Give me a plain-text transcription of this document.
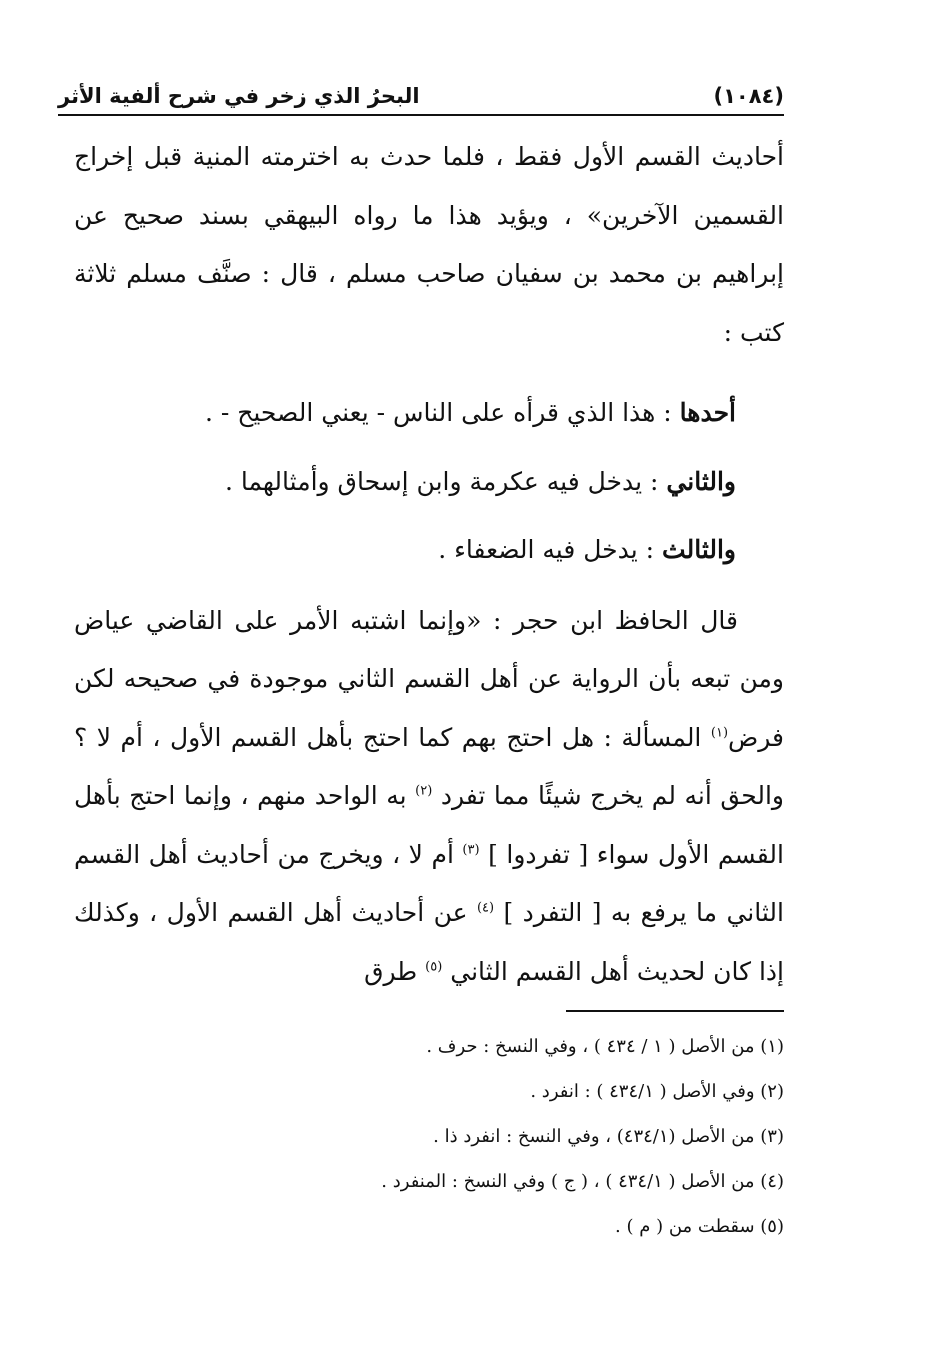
(١٠٨٤)
البحرُ الذي زخر في شرح ألفية الأثر

أحاديث القسم الأول فقط ، فلما حدث به اخترمته المنية قبل إخراج القسمين الآخرين» ، ويؤيد هذا ما رواه البيهقي بسند صحيح عن إبراهيم بن محمد بن سفيان صاحب مسلم ، قال : صنَّف مسلم ثلاثة كتب :

أحدها : هذا الذي قرأه على الناس - يعني الصحيح - .

والثاني : يدخل فيه عكرمة وابن إسحاق وأمثالهما .

والثالث : يدخل فيه الضعفاء .

قال الحافظ ابن حجر : «وإنما اشتبه الأمر على القاضي عياض ومن تبعه بأن الرواية عن أهل القسم الثاني موجودة في صحيحه لكن فرض$^{(١)}$ المسألة : هل احتج بهم كما احتج بأهل القسم الأول ، أم لا ؟ والحق أنه لم يخرج شيئًا مما تفرد $^{(٢)}$ به الواحد منهم ، وإنما احتج بأهل القسم الأول سواء [ تفردوا ] $^{(٣)}$ أم لا ، ويخرج من أحاديث أهل القسم الثاني ما يرفع به [ التفرد ] $^{(٤)}$ عن أحاديث أهل القسم الأول ، وكذلك إذا كان لحديث أهل القسم الثاني $^{(٥)}$ طرق

(١) من الأصل ( ١ / ٤٣٤ ) ، وفي النسخ : حرف .
(٢) وفي الأصل ( ٤٣٤/١ ) : انفرد .
(٣) من الأصل (٤٣٤/١) ، وفي النسخ : انفرد ذا .
(٤) من الأصل ( ٤٣٤/١ ) ، ( ج ) وفي النسخ : المنفرد .
(٥) سقطت من ( م ) .
